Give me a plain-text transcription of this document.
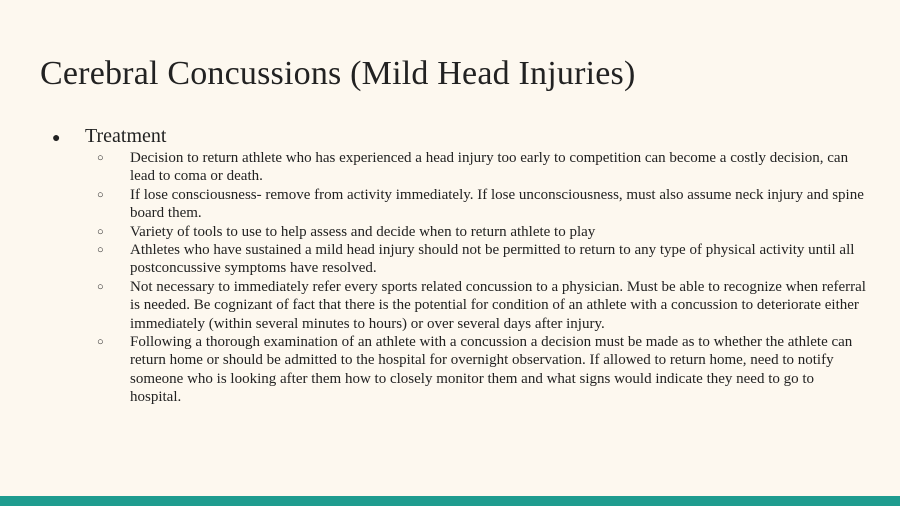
Cerebral Concussions (Mild Head Injuries)
●	Treatment
○	Decision to return athlete who has experienced a head injury too early to competition can become a costly decision, can lead to coma or death.
○	If lose consciousness- remove from activity immediately. If lose unconsciousness, must also assume neck injury and spine board them.
○	Variety of tools to use to help assess and decide when to return athlete to play
○	Athletes who have sustained a mild head injury should not be permitted to return to any type of physical activity until all postconcussive symptoms have resolved.
○	Not necessary to immediately refer every sports related concussion to a physician. Must be able to recognize when referral is needed. Be cognizant of fact that there is the potential for condition of an athlete with a concussion to deteriorate either immediately (within several minutes to hours) or over several days after injury.
○	Following a thorough examination of an athlete with a concussion a decision must be made as to whether the athlete can return home or should be admitted to the hospital for overnight observation. If allowed to return home, need to notify someone who is looking after them how to closely monitor them and what signs would indicate they need to go to hospital.
